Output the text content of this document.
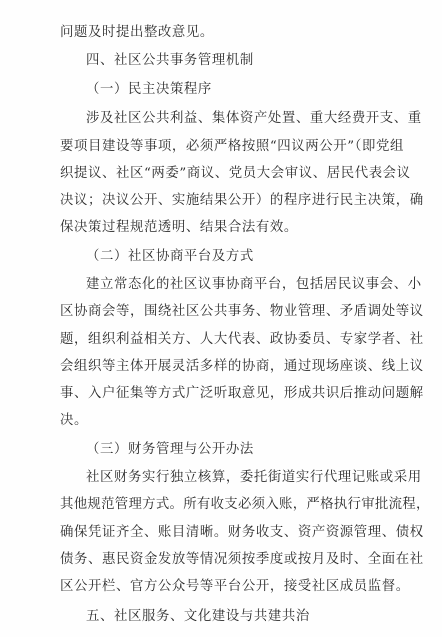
问题及时提出整改意见。
四、社区公共事务管理机制
（一）民主决策程序
涉及社区公共利益、集体资产处置、重大经费开支、重
要项目建设等事项，必须严格按照“四议两公开”（即党组
织提议、社区“两委”商议、党员大会审议、居民代表会议
决议；决议公开、实施结果公开）的程序进行民主决策，确
保决策过程规范透明、结果合法有效。
（二）社区协商平台及方式
建立常态化的社区议事协商平台，包括居民议事会、小
区协商会等，围绕社区公共事务、物业管理、矛盾调处等议
题，组织利益相关方、人大代表、政协委员、专家学者、社
会组织等主体开展灵活多样的协商，通过现场座谈、线上议
事、入户征集等方式广泛听取意见，形成共识后推动问题解
决。
（三）财务管理与公开办法
社区财务实行独立核算，委托街道实行代理记账或采用
其他规范管理方式。所有收支必须入账，严格执行审批流程，
确保凭证齐全、账目清晰。财务收支、资产资源管理、债权
债务、惠民资金发放等情况须按季度或按月及时、全面在社
区公开栏、官方公众号等平台公开，接受社区成员监督。
五、社区服务、文化建设与共建共治
